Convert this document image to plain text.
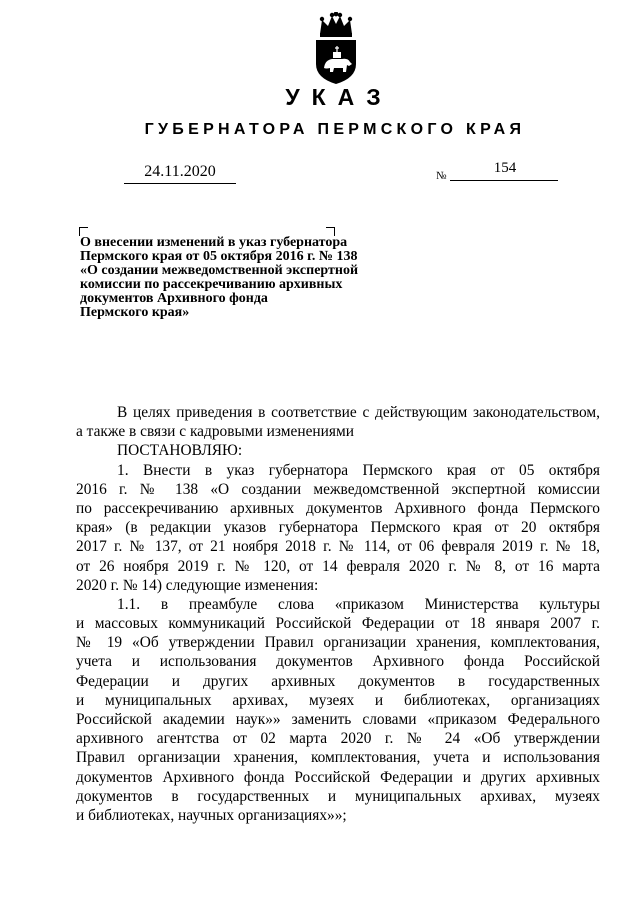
УКАЗ
ГУБЕРНАТОРА ПЕРМСКОГО КРАЯ
24.11.2020	№	154
О внесении изменений в указ губернатора
Пермского края от 05 октября 2016 г. № 138
«О создании межведомственной экспертной
комиссии по рассекречиванию архивных
документов Архивного фонда
Пермского края»
В целях приведения в соответствие с действующим законодательством,
а также в связи с кадровыми изменениями
ПОСТАНОВЛЯЮ:
1. Внести в указ губернатора Пермского края от 05 октября
2016 г. № 138 «О создании межведомственной экспертной комиссии
по рассекречиванию архивных документов Архивного фонда Пермского
края» (в редакции указов губернатора Пермского края от 20 октября
2017 г. № 137, от 21 ноября 2018 г. № 114, от 06 февраля 2019 г. № 18,
от 26 ноября 2019 г. № 120, от 14 февраля 2020 г. № 8, от 16 марта
2020 г. № 14) следующие изменения:
1.1. в преамбуле слова «приказом Министерства культуры
и массовых коммуникаций Российской Федерации от 18 января 2007 г.
№ 19 «Об утверждении Правил организации хранения, комплектования,
учета и использования документов Архивного фонда Российской
Федерации и других архивных документов в государственных
и муниципальных архивах, музеях и библиотеках, организациях
Российской академии наук»» заменить словами «приказом Федерального
архивного агентства от 02 марта 2020 г. № 24 «Об утверждении
Правил организации хранения, комплектования, учета и использования
документов Архивного фонда Российской Федерации и других архивных
документов в государственных и муниципальных архивах, музеях
и библиотеках, научных организациях»»;
